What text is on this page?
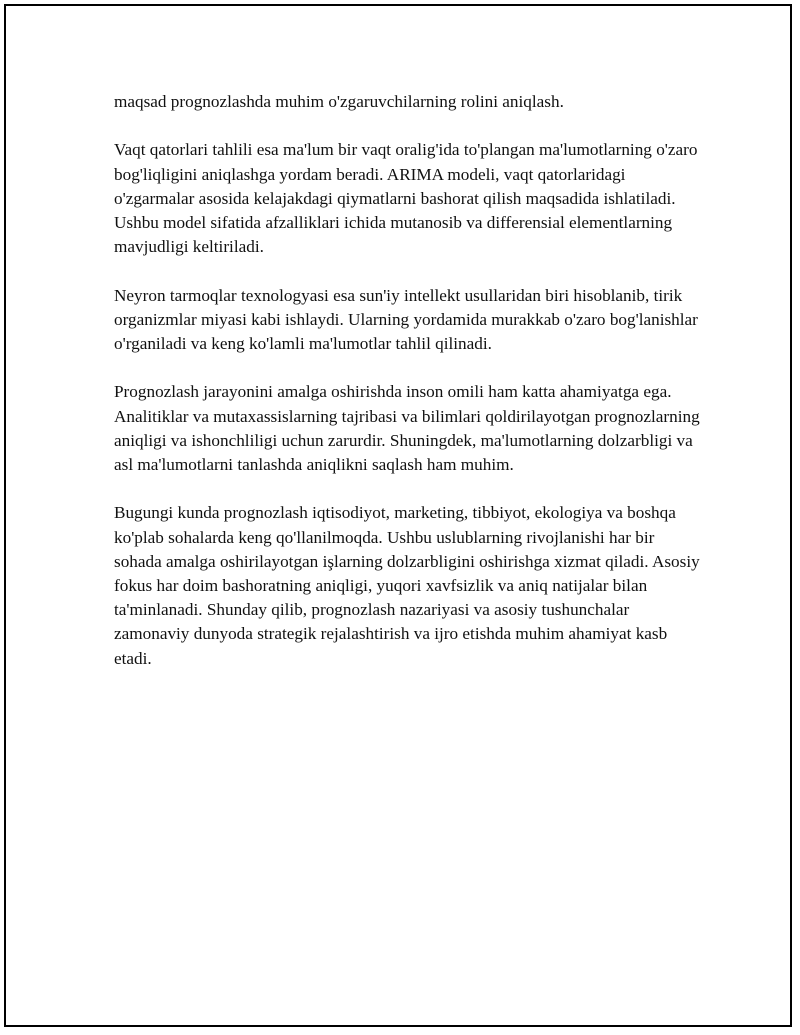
maqsad prognozlashda muhim o'zgaruvchilarning rolini aniqlash.

Vaqt qatorlari tahlili esa ma'lum bir vaqt oralig'ida to'plangan ma'lumotlarning o'zaro bog'liqligini aniqlashga yordam beradi. ARIMA modeli, vaqt qatorlaridagi o'zgarmalar asosida kelajakdagi qiymatlarni bashorat qilish maqsadida ishlatiladi. Ushbu model sifatida afzalliklari ichida mutanosib va differensial elementlarning mavjudligi keltiriladi.

Neyron tarmoqlar texnologyasi esa sun'iy intellekt usullaridan biri hisoblanib, tirik organizmlar miyasi kabi ishlaydi. Ularning yordamida murakkab o'zaro bog'lanishlar o'rganiladi va keng ko'lamli ma'lumotlar tahlil qilinadi.

Prognozlash jarayonini amalga oshirishda inson omili ham katta ahamiyatga ega. Analitiklar va mutaxassislarning tajribasi va bilimlari qoldirilayotgan prognozlarning aniqligi va ishonchliligi uchun zarurdir. Shuningdek, ma'lumotlarning dolzarbligi va asl ma'lumotlarni tanlashda aniqlikni saqlash ham muhim.

Bugungi kunda prognozlash iqtisodiyot, marketing, tibbiyot, ekologiya va boshqa ko'plab sohalarda keng qo'llanilmoqda. Ushbu uslublarning rivojlanishi har bir sohada amalga oshirilayotgan işlarning dolzarbligini oshirishga xizmat qiladi. Asosiy fokus har doim bashoratning aniqligi, yuqori xavfsizlik va aniq natijalar bilan ta'minlanadi. Shunday qilib, prognozlash nazariyasi va asosiy tushunchalar zamonaviy dunyoda strategik rejalashtirish va ijro etishda muhim ahamiyat kasb etadi.
